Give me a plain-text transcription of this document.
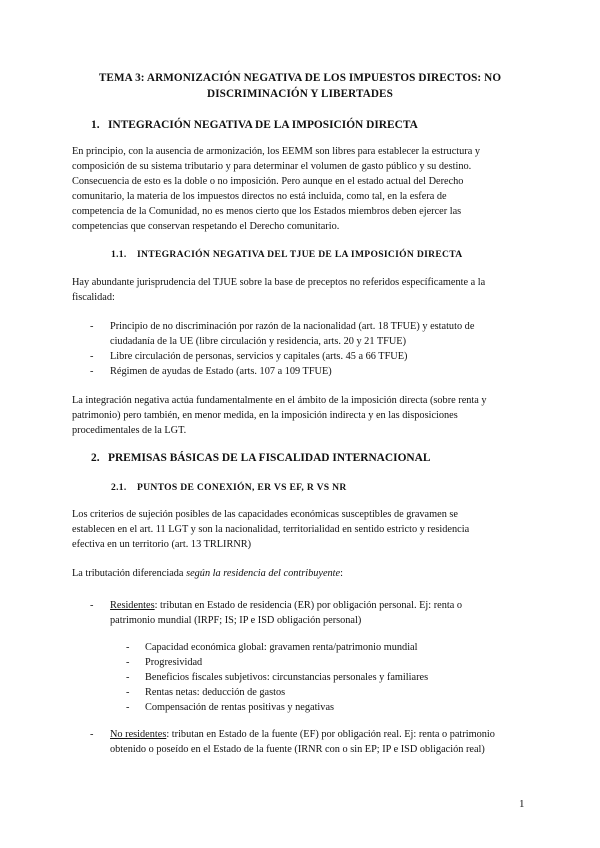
TEMA 3: ARMONIZACIÓN NEGATIVA DE LOS IMPUESTOS DIRECTOS: NO
DISCRIMINACIÓN Y LIBERTADES
1. INTEGRACIÓN NEGATIVA DE LA IMPOSICIÓN DIRECTA
En principio, con la ausencia de armonización, los EEMM son libres para establecer la estructura y
composición de su sistema tributario y para determinar el volumen de gasto público y su destino.
Consecuencia de esto es la doble o no imposición. Pero aunque en el estado actual del Derecho
comunitario, la materia de los impuestos directos no está incluida, como tal, en la esfera de
competencia de la Comunidad, no es menos cierto que los Estados miembros deben ejercer las
competencias que conservan respetando el Derecho comunitario.
1.1. INTEGRACIÓN NEGATIVA DEL TJUE DE LA IMPOSICIÓN DIRECTA
Hay abundante jurisprudencia del TJUE sobre la base de preceptos no referidos específicamente a la
fiscalidad:
- Principio de no discriminación por razón de la nacionalidad (art. 18 TFUE) y estatuto de
ciudadanía de la UE (libre circulación y residencia, arts. 20 y 21 TFUE)
- Libre circulación de personas, servicios y capitales (arts. 45 a 66 TFUE)
- Régimen de ayudas de Estado (arts. 107 a 109 TFUE)
La integración negativa actúa fundamentalmente en el ámbito de la imposición directa (sobre renta y
patrimonio) pero también, en menor medida, en la imposición indirecta y en las disposiciones
procedimentales de la LGT.
2. PREMISAS BÁSICAS DE LA FISCALIDAD INTERNACIONAL
2.1. PUNTOS DE CONEXIÓN, ER VS EF, R VS NR
Los criterios de sujeción posibles de las capacidades económicas susceptibles de gravamen se
establecen en el art. 11 LGT y son la nacionalidad, territorialidad en sentido estricto y residencia
efectiva en un territorio (art. 13 TRLIRNR)
La tributación diferenciada según la residencia del contribuyente:
- Residentes: tributan en Estado de residencia (ER) por obligación personal. Ej: renta o
patrimonio mundial (IRPF; IS; IP e ISD obligación personal)
- Capacidad económica global: gravamen renta/patrimonio mundial
- Progresividad
- Beneficios fiscales subjetivos: circunstancias personales y familiares
- Rentas netas: deducción de gastos
- Compensación de rentas positivas y negativas
- No residentes: tributan en Estado de la fuente (EF) por obligación real. Ej: renta o patrimonio
obtenido o poseído en el Estado de la fuente (IRNR con o sin EP; IP e ISD obligación real)
1
